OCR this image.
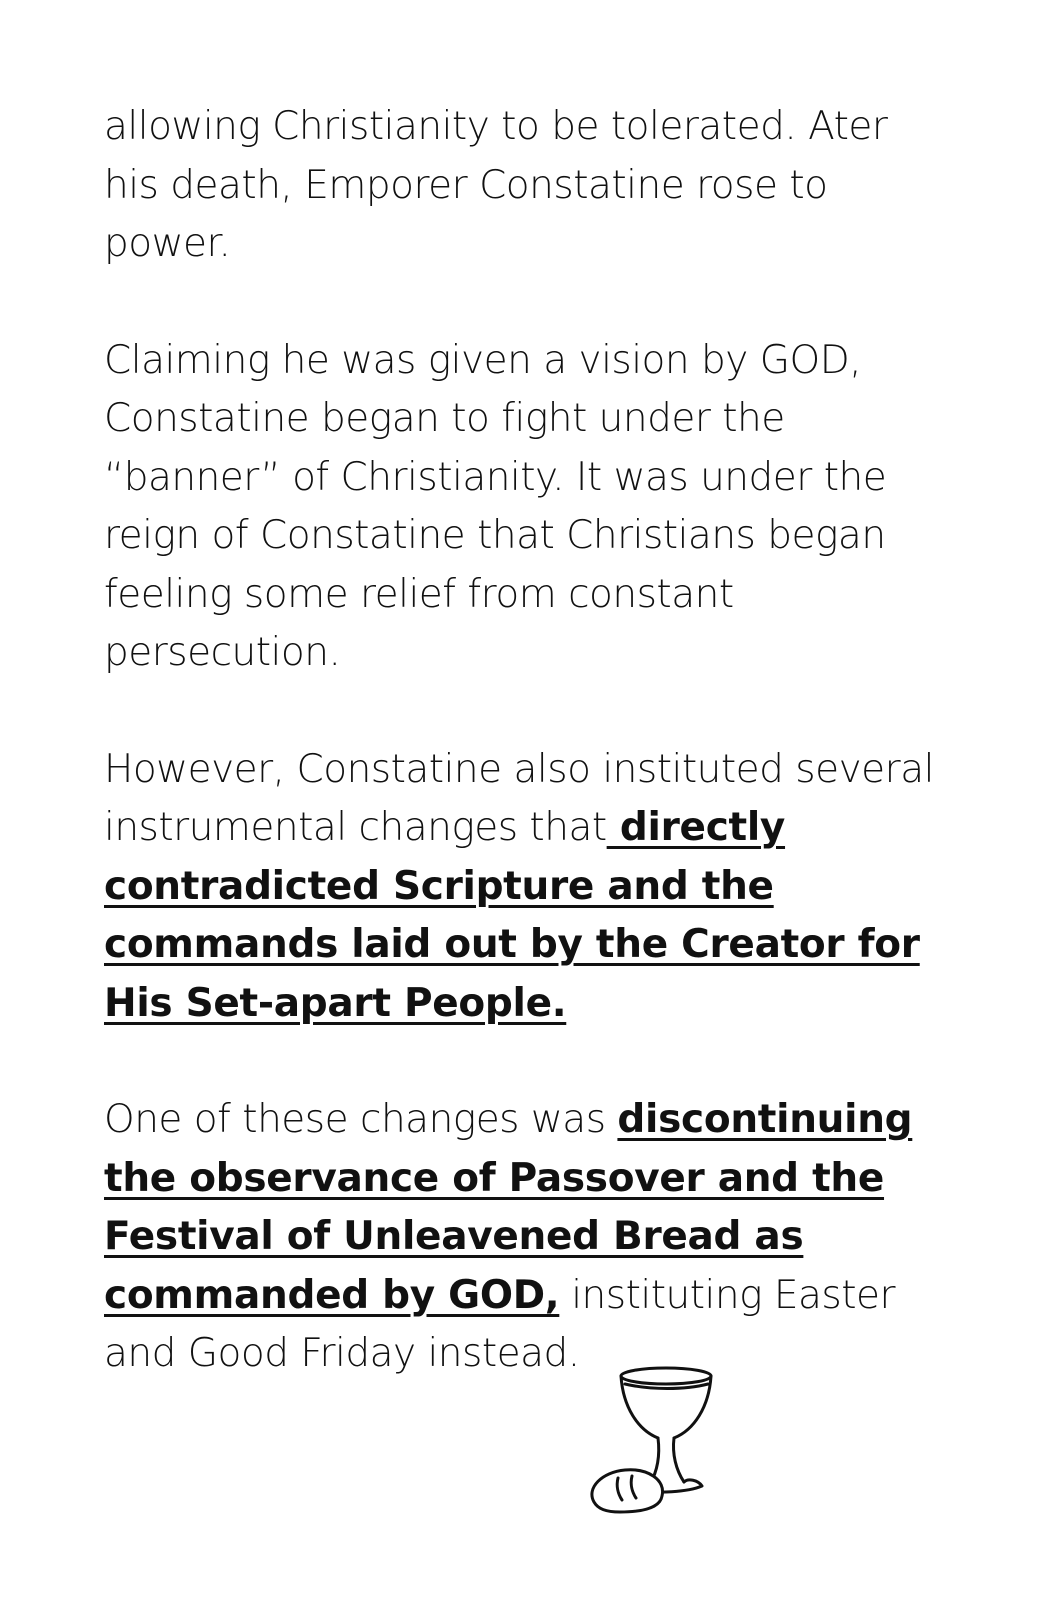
allowing Christianity to be tolerated. Ater
his death, Emporer Constatine rose to
power.

Claiming he was given a vision by GOD,
Constatine began to fight under the
“banner” of Christianity. It was under the
reign of Constatine that Christians began
feeling some relief from constant
persecution.

However, Constatine also instituted several
instrumental changes that directly
contradicted Scripture and the
commands laid out by the Creator for
His Set-apart People.

One of these changes was discontinuing
the observance of Passover and the
Festival of Unleavened Bread as
commanded by GOD, instituting Easter
and Good Friday instead.
